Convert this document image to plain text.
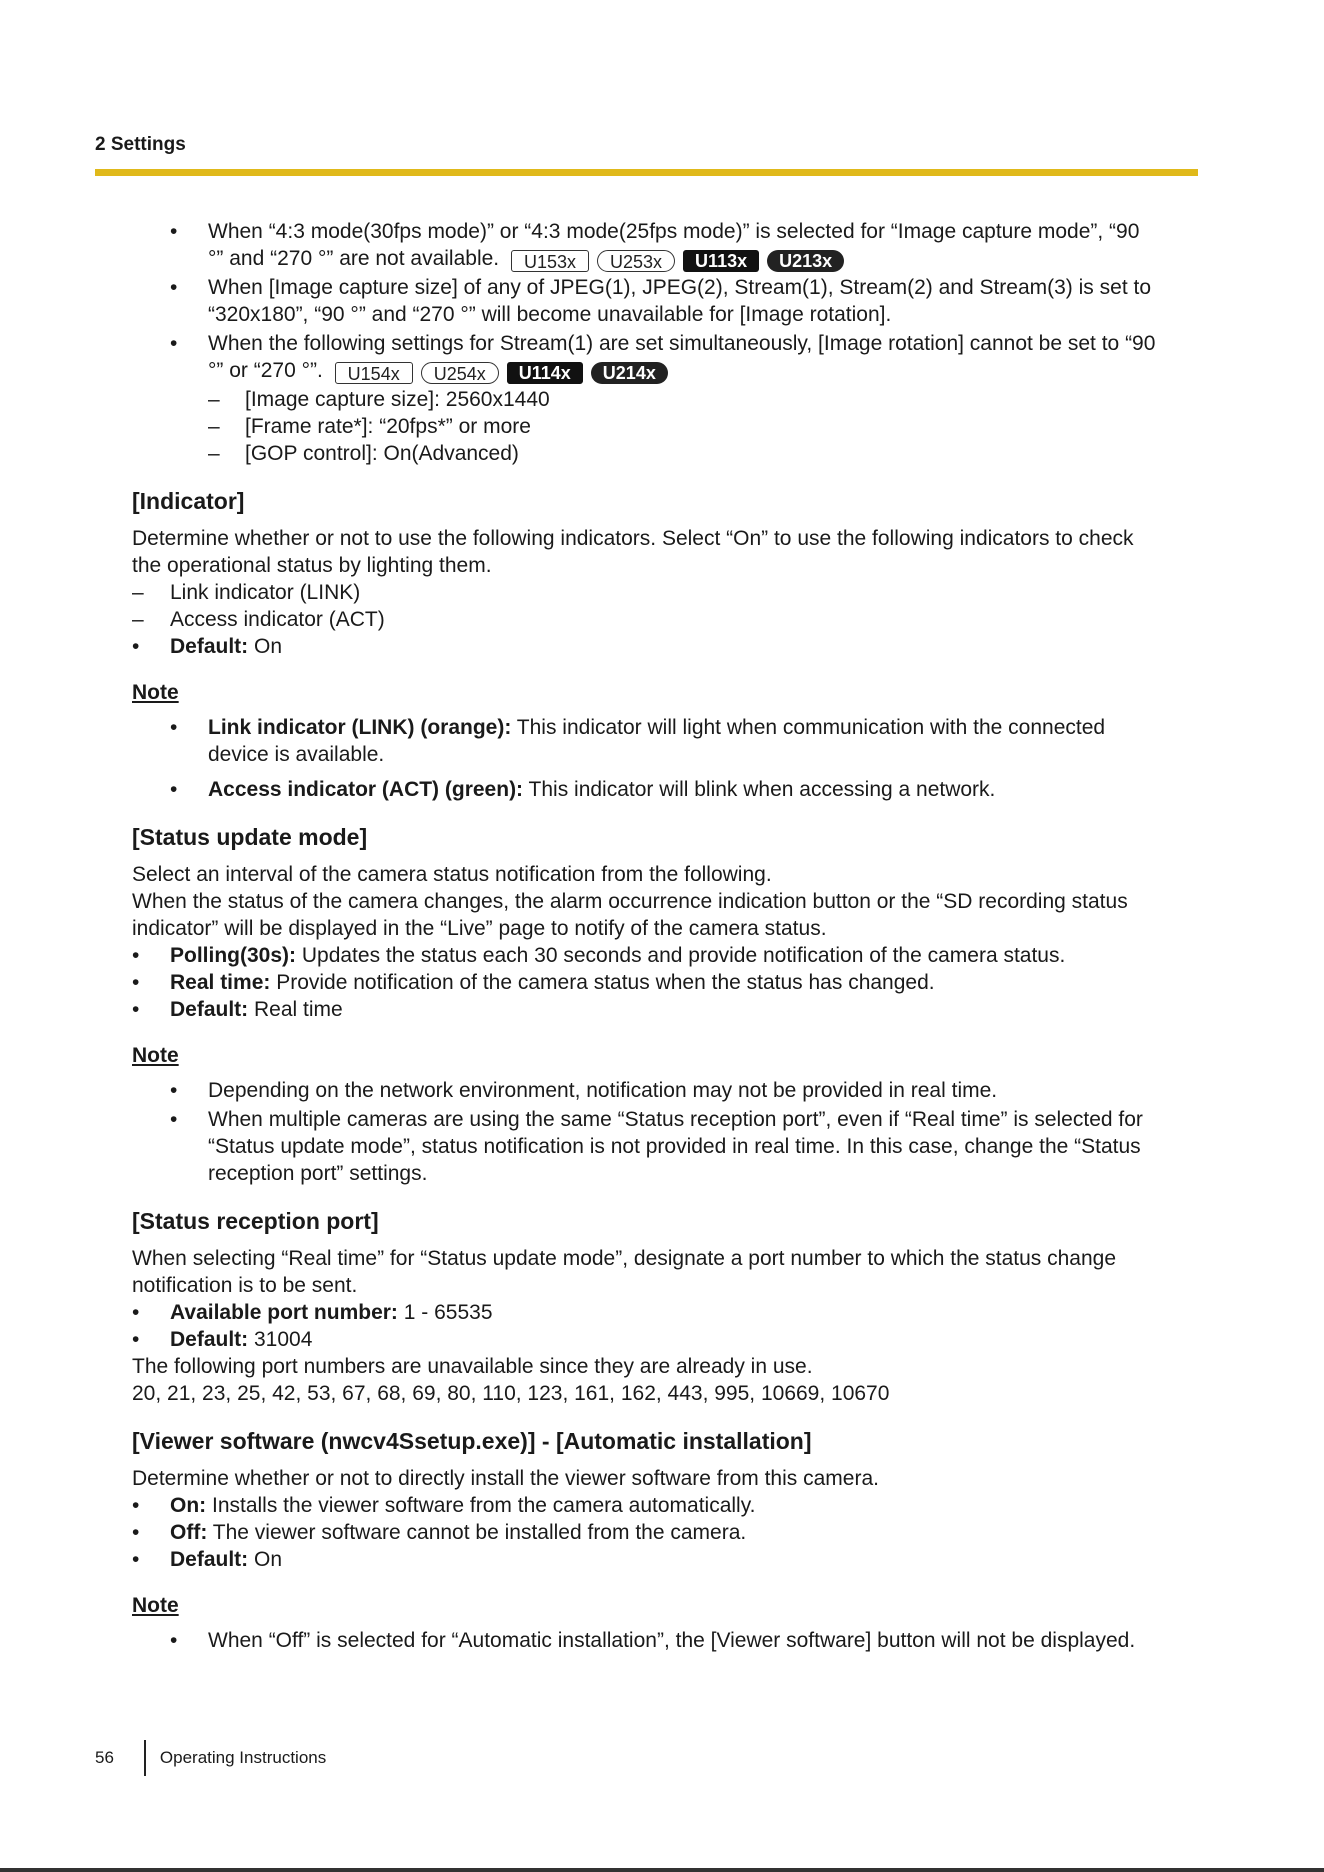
2 Settings
• When “4:3 mode(30fps mode)” or “4:3 mode(25fps mode)” is selected for “Image capture mode”, “90
°” and “270 °” are not available.	U153x	U253x	U113x	U213x
• When [Image capture size] of any of JPEG(1), JPEG(2), Stream(1), Stream(2) and Stream(3) is set to
“320x180”, “90 °” and “270 °” will become unavailable for [Image rotation].
• When the following settings for Stream(1) are set simultaneously, [Image rotation] cannot be set to “90
°” or “270 °”.	U154x	U254x	U114x	U214x
– [Image capture size]: 2560x1440
– [Frame rate*]: “20fps*” or more
– [GOP control]: On(Advanced)
[Indicator]
Determine whether or not to use the following indicators. Select “On” to use the following indicators to check
the operational status by lighting them.
– Link indicator (LINK)
– Access indicator (ACT)
• Default: On
Note
• Link indicator (LINK) (orange): This indicator will light when communication with the connected
device is available.
• Access indicator (ACT) (green): This indicator will blink when accessing a network.
[Status update mode]
Select an interval of the camera status notification from the following.
When the status of the camera changes, the alarm occurrence indication button or the “SD recording status
indicator” will be displayed in the “Live” page to notify of the camera status.
• Polling(30s): Updates the status each 30 seconds and provide notification of the camera status.
• Real time: Provide notification of the camera status when the status has changed.
• Default: Real time
Note
• Depending on the network environment, notification may not be provided in real time.
• When multiple cameras are using the same “Status reception port”, even if “Real time” is selected for
“Status update mode”, status notification is not provided in real time. In this case, change the “Status
reception port” settings.
[Status reception port]
When selecting “Real time” for “Status update mode”, designate a port number to which the status change
notification is to be sent.
• Available port number: 1 - 65535
• Default: 31004
The following port numbers are unavailable since they are already in use.
20, 21, 23, 25, 42, 53, 67, 68, 69, 80, 110, 123, 161, 162, 443, 995, 10669, 10670
[Viewer software (nwcv4Ssetup.exe)] - [Automatic installation]
Determine whether or not to directly install the viewer software from this camera.
• On: Installs the viewer software from the camera automatically.
• Off: The viewer software cannot be installed from the camera.
• Default: On
Note
• When “Off” is selected for “Automatic installation”, the [Viewer software] button will not be displayed.
56	Operating Instructions
